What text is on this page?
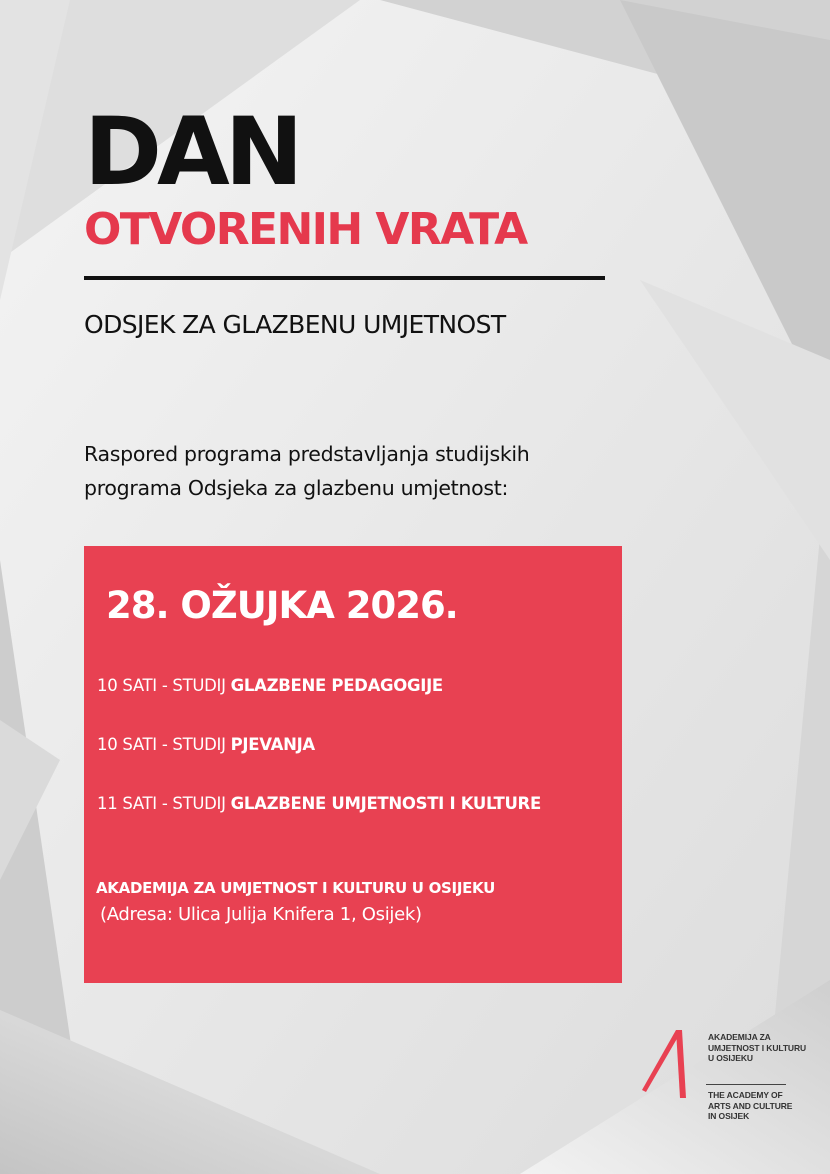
DAN
OTVORENIH VRATA
ODSJEK ZA GLAZBENU UMJETNOST
Raspored programa predstavljanja studijskih
programa Odsjeka za glazbenu umjetnost:
28. OŽUJKA 2026.
10 SATI - STUDIJ GLAZBENE PEDAGOGIJE
10 SATI - STUDIJ PJEVANJA
11 SATI - STUDIJ GLAZBENE UMJETNOSTI I KULTURE
AKADEMIJA ZA UMJETNOST I KULTURU U OSIJEKU
(Adresa: Ulica Julija Knifera 1, Osijek)
AKADEMIJA ZA
UMJETNOST I KULTURU
U OSIJEKU
THE ACADEMY OF
ARTS AND CULTURE
IN OSIJEK
